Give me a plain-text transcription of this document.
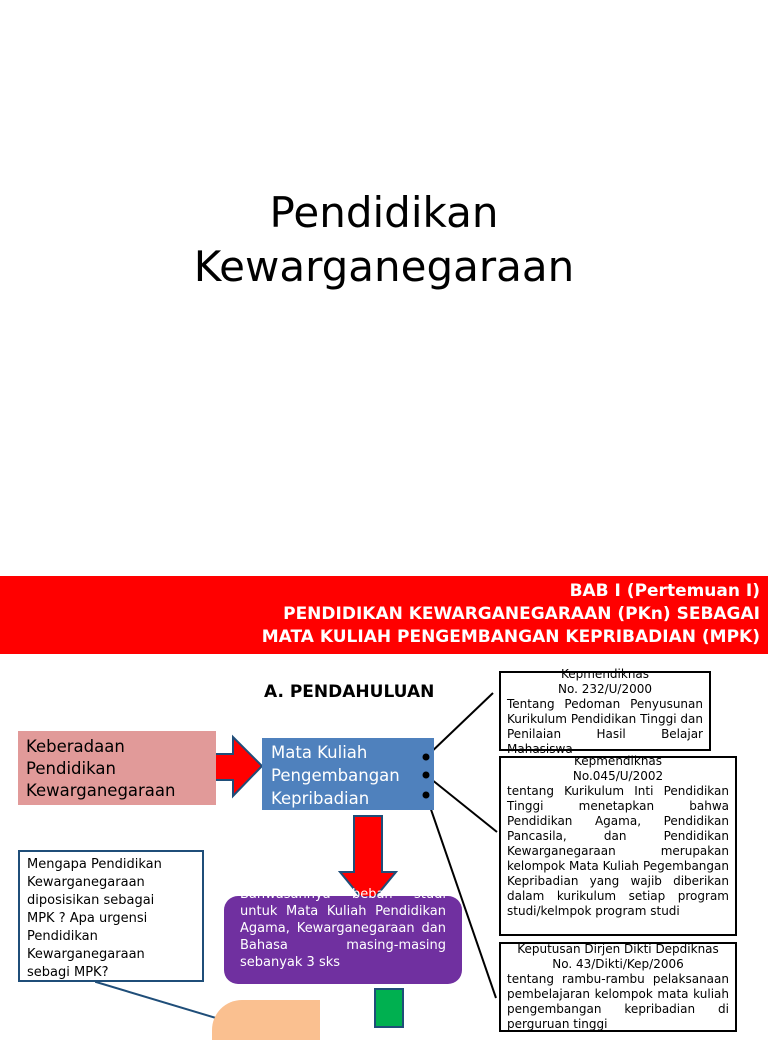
Pendidikan
Kewarganegaraan
BAB I (Pertemuan I)
PENDIDIKAN KEWARGANEGARAAN (PKn) SEBAGAI
MATA KULIAH PENGEMBANGAN KEPRIBADIAN (MPK)
A. PENDAHULUAN
Keberadaan
Pendidikan
Kewarganegaraan
Mata Kuliah
Pengembangan
Kepribadian
Mengapa Pendidikan
Kewarganegaraan
diposisikan sebagai
MPK ? Apa urgensi
Pendidikan
Kewarganegaraan
sebagi MPK?
Bahwasanhya beban studi untuk Mata Kuliah Pendidikan Agama, Kewarganegaraan dan Bahasa masing-masing sebanyak 3 sks
Kepmendiknas
No. 232/U/2000
Tentang Pedoman Penyusunan Kurikulum Pendidikan Tinggi dan Penilaian Hasil Belajar Mahasiswa
Kepmendiknas
No.045/U/2002
tentang Kurikulum Inti Pendidikan Tinggi menetapkan bahwa Pendidikan Agama, Pendidikan Pancasila, dan Pendidikan Kewarganegaraan merupakan kelompok Mata Kuliah Pegembangan Kepribadian yang wajib diberikan dalam kurikulum setiap program studi/kelmpok program studi
Keputusan Dirjen Dikti Depdiknas
No. 43/Dikti/Kep/2006
tentang rambu-rambu pelaksanaan pembelajaran kelompok mata kuliah pengembangan kepribadian di perguruan tinggi
